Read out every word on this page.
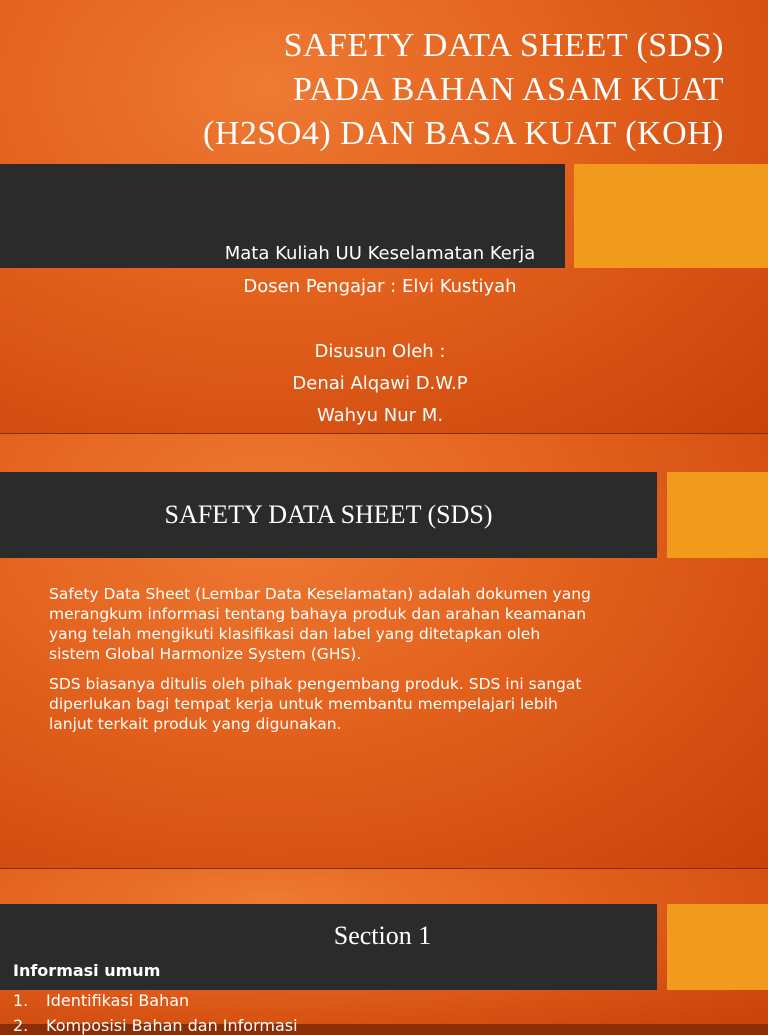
SAFETY DATA SHEET (SDS)
PADA BAHAN ASAM KUAT
(H2SO4) DAN BASA KUAT (KOH)
Mata Kuliah UU Keselamatan Kerja
Dosen Pengajar : Elvi Kustiyah
Disusun Oleh :
Denai Alqawi D.W.P
Wahyu Nur M.
SAFETY DATA SHEET (SDS)
Safety Data Sheet (Lembar Data Keselamatan) adalah dokumen yang
merangkum informasi tentang bahaya produk dan arahan keamanan
yang telah mengikuti klasifikasi dan label yang ditetapkan oleh
sistem Global Harmonize System (GHS).
SDS biasanya ditulis oleh pihak pengembang produk. SDS ini sangat
diperlukan bagi tempat kerja untuk membantu mempelajari lebih
lanjut terkait produk yang digunakan.
Section 1
Informasi umum
1. Identifikasi Bahan
2. Komposisi Bahan dan Informasi
